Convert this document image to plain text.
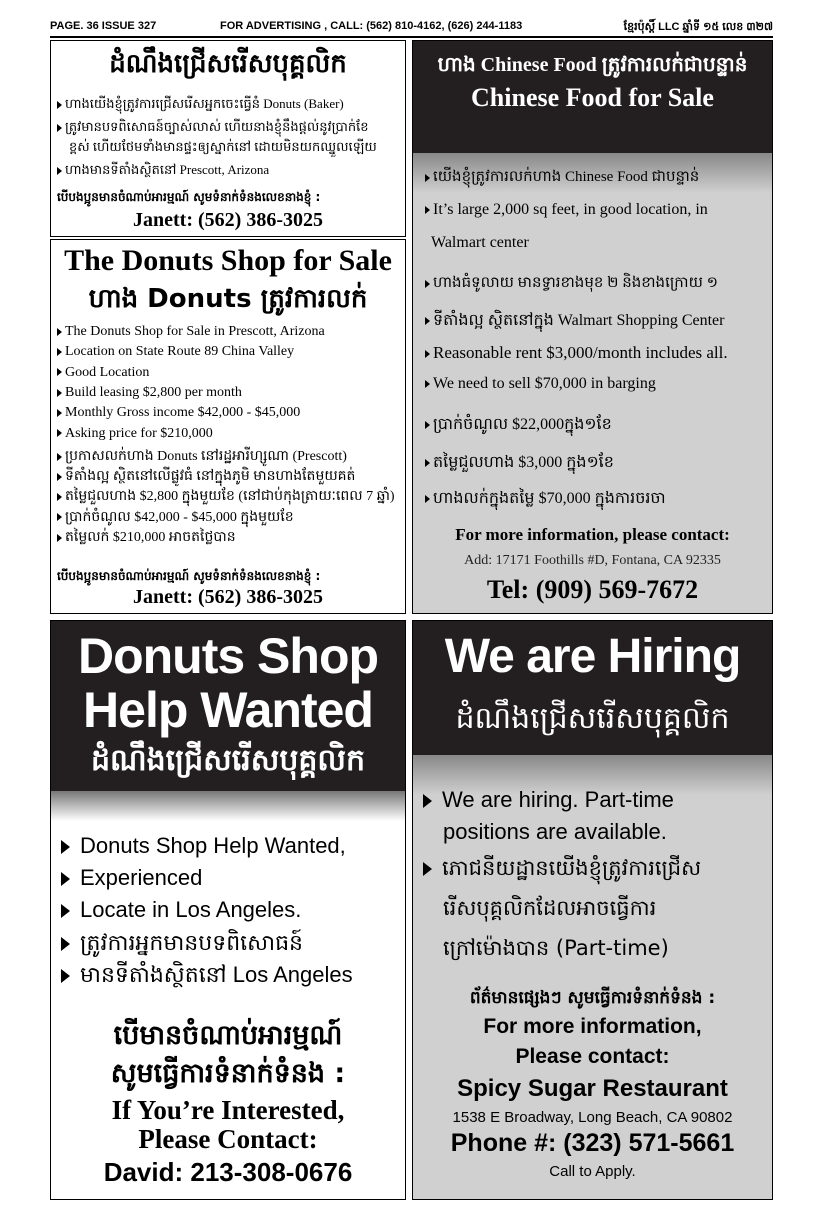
PAGE. 36 ISSUE 327	FOR ADVERTISING , CALL: (562) 810-4162, (626) 244-1183	ខ្មែរប៉ុស្ដិ៍ LLC ឆ្នាំទី ១៥ លេខ ៣២៧
ដំណឹងជ្រើសរើសបុគ្គលិក
ហាងយើងខ្ញុំត្រូវការជ្រើសរើសអ្នកចេះធ្វើនំ Donuts (Baker)
ត្រូវមានបទពិសោធន៍ច្បាស់លាស់ ហើយនាងខ្ញុំនឹងផ្ដល់នូវប្រាក់ខែ
ខ្ពស់ ហើយថែមទាំងមានផ្ទះឲ្យស្នាក់នៅ ដោយមិនយកឈ្នួលឡើយ
ហាងមានទីតាំងស្ថិតនៅ Prescott, Arizona
បើបងប្អូនមានចំណាប់អារម្មណ៍ សូមទំនាក់ទំនងលេខនាងខ្ញុំ :
Janett: (562) 386-3025
The Donuts Shop for Sale
ហាង Donuts ត្រូវការលក់
The Donuts Shop for Sale in Prescott, Arizona
Location on State Route 89 China Valley
Good Location
Build leasing $2,800 per month
Monthly Gross income $42,000 - $45,000
Asking price for $210,000
ប្រកាសលក់ហាង Donuts នៅរដ្ឋអារីហ្សូណា (Prescott)
ទីតាំងល្អ ស្ថិតនៅលើផ្លូវធំ នៅក្នុងភូមិ មានហាងតែមួយគត់
តម្លៃជួលហាង $2,800 ក្នុងមួយខែ (នៅជាប់កុងត្រាយៈពេល 7 ឆ្នាំ)
ប្រាក់ចំណូល $42,000 - $45,000 ក្នុងមួយខែ
តម្លៃលក់ $210,000 អាចតថ្លៃបាន
បើបងប្អូនមានចំណាប់អារម្មណ៍ សូមទំនាក់ទំនងលេខនាងខ្ញុំ :
Janett: (562) 386-3025
ហាង Chinese Food ត្រូវការលក់ជាបន្ទាន់
Chinese Food for Sale
យើងខ្ញុំត្រូវការលក់ហាង Chinese Food ជាបន្ទាន់
It’s large 2,000 sq feet, in good location, in
Walmart center
ហាងធំទូលាយ មានទ្វារខាងមុខ ២ និងខាងក្រោយ ១
ទីតាំងល្អ ស្ថិតនៅក្នុង Walmart Shopping Center
Reasonable rent $3,000/month includes all.
We need to sell $70,000 in barging
ប្រាក់ចំណូល $22,000ក្នុង១ខែ
តម្លៃជួលហាង $3,000 ក្នុង១ខែ
ហាងលក់ក្នុងតម្លៃ $70,000 ក្នុងការចរចា
For more information, please contact:
Add: 17171 Foothills #D, Fontana, CA 92335
Tel: (909) 569-7672
Donuts Shop
Help Wanted
ដំណឹងជ្រើសរើសបុគ្គលិក
Donuts Shop Help Wanted,
Experienced
Locate in Los Angeles.
ត្រូវការអ្នកមានបទពិសោធន៍
មានទីតាំងស្ថិតនៅ Los Angeles
បើមានចំណាប់អារម្មណ៍
សូមធ្វើការទំនាក់ទំនង :
If You’re Interested,
Please Contact:
David: 213-308-0676
We are Hiring
ដំណឹងជ្រើសរើសបុគ្គលិក
We are hiring. Part-time
positions are available.
ភោជនីយដ្ឋានយើងខ្ញុំត្រូវការជ្រើស
រើសបុគ្គលិកដែលអាចធ្វើការ
ក្រៅម៉ោងបាន (Part-time)
ព័ត៌មានផ្សេងៗ សូមធ្វើការទំនាក់ទំនង :
For more information,
Please contact:
Spicy Sugar Restaurant
1538 E Broadway, Long Beach, CA 90802
Phone #: (323) 571-5661
Call to Apply.
